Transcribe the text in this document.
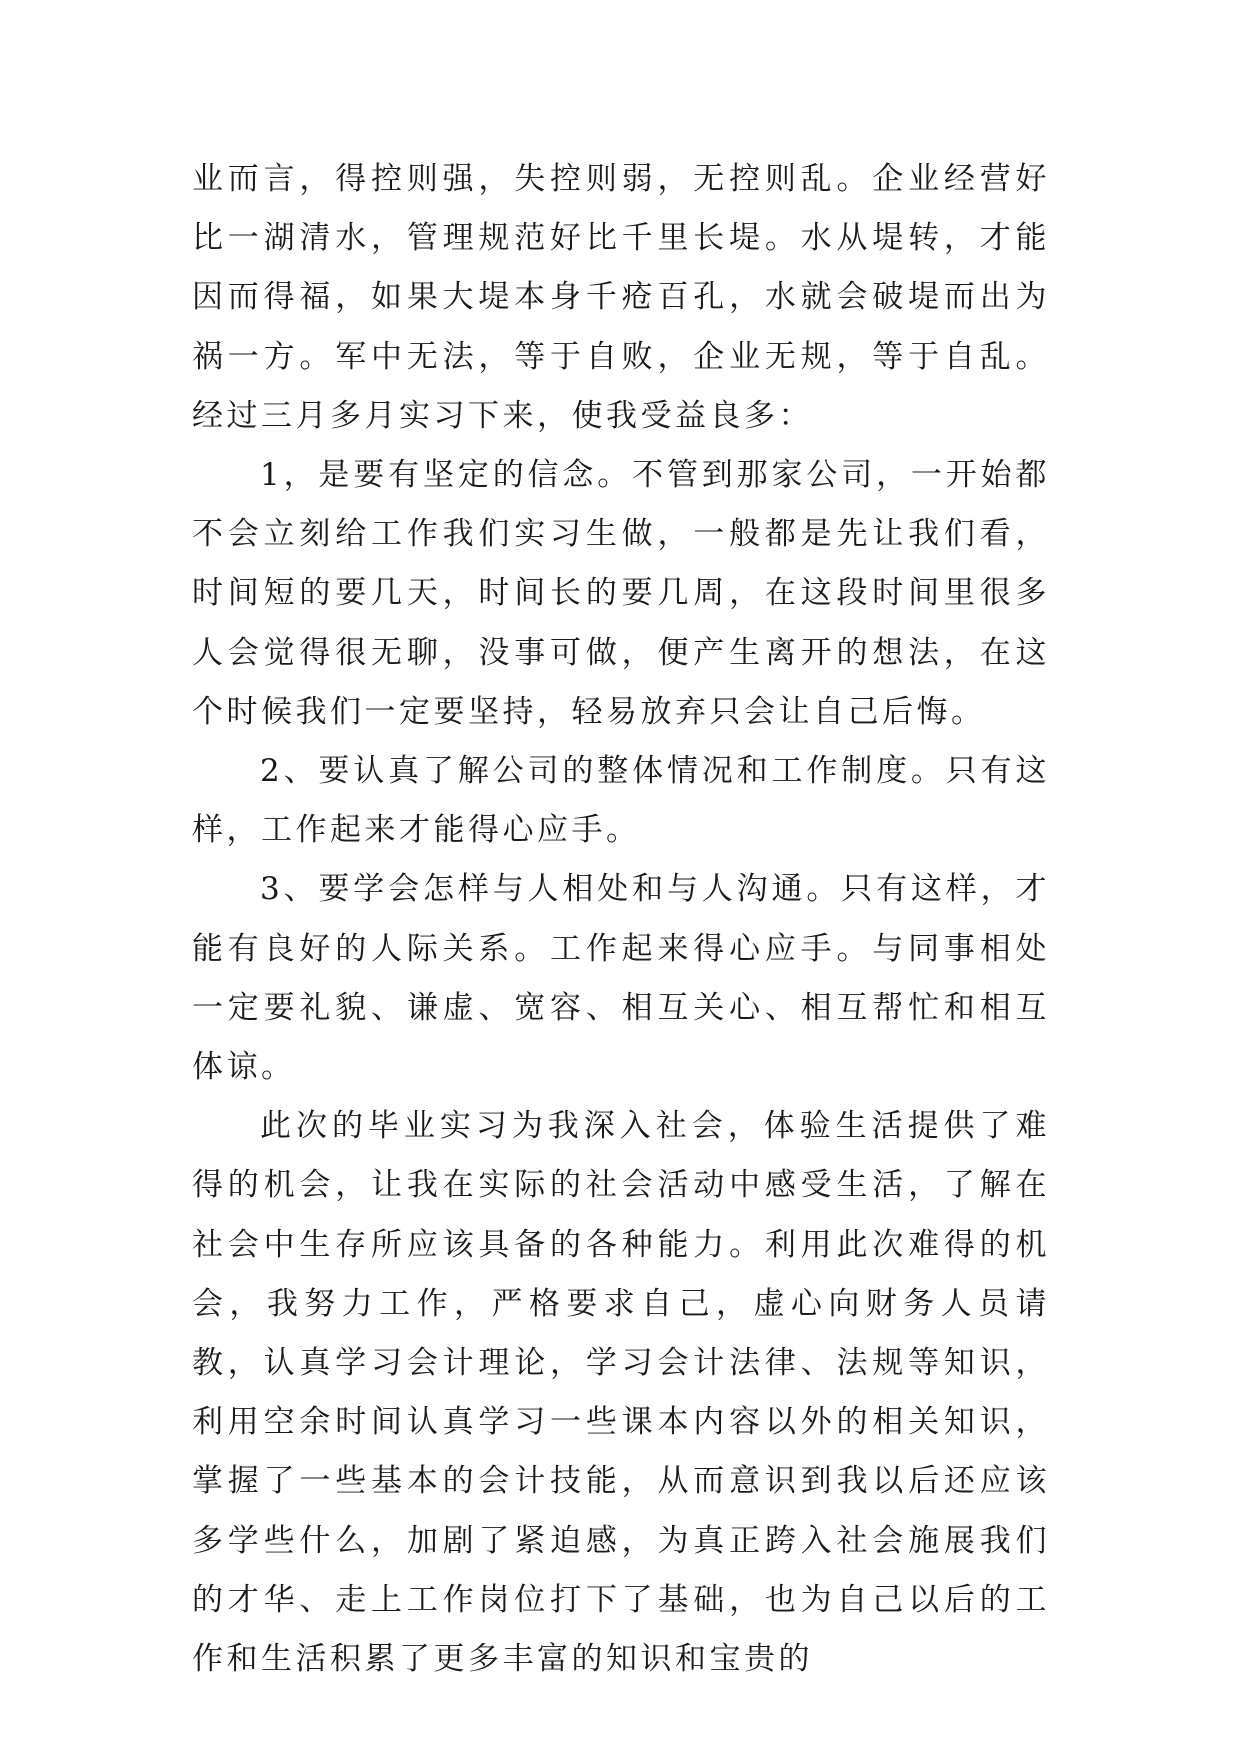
业而言，得控则强，失控则弱，无控则乱。企业经营好比一湖清水，管理规范好比千里长堤。水从堤转，才能因而得福，如果大堤本身千疮百孔，水就会破堤而出为祸一方。军中无法，等于自败，企业无规，等于自乱。经过三月多月实习下来，使我受益良多：

1，是要有坚定的信念。不管到那家公司，一开始都不会立刻给工作我们实习生做，一般都是先让我们看，时间短的要几天，时间长的要几周，在这段时间里很多人会觉得很无聊，没事可做，便产生离开的想法，在这个时候我们一定要坚持，轻易放弃只会让自己后悔。

2、要认真了解公司的整体情况和工作制度。只有这样，工作起来才能得心应手。

3、要学会怎样与人相处和与人沟通。只有这样，才能有良好的人际关系。工作起来得心应手。与同事相处一定要礼貌、谦虚、宽容、相互关心、相互帮忙和相互体谅。

此次的毕业实习为我深入社会，体验生活提供了难得的机会，让我在实际的社会活动中感受生活，了解在社会中生存所应该具备的各种能力。利用此次难得的机会，我努力工作，严格要求自己，虚心向财务人员请教，认真学习会计理论，学习会计法律、法规等知识，利用空余时间认真学习一些课本内容以外的相关知识，掌握了一些基本的会计技能，从而意识到我以后还应该多学些什么，加剧了紧迫感，为真正跨入社会施展我们的才华、走上工作岗位打下了基础，也为自己以后的工作和生活积累了更多丰富的知识和宝贵的
